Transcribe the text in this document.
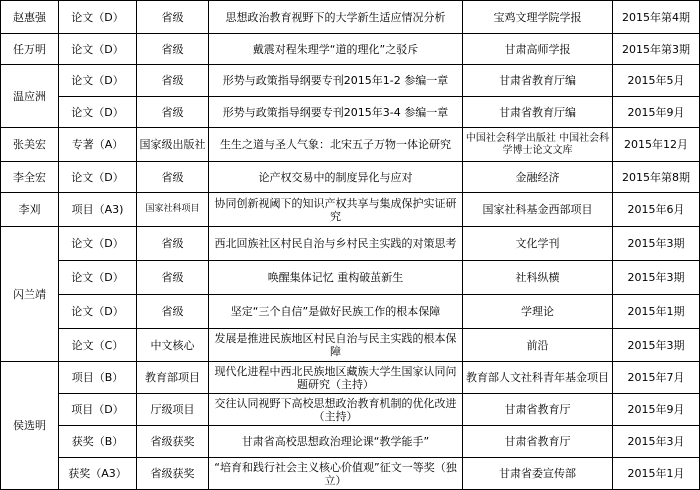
赵惠强	论文（D）	省级	思想政治教育视野下的大学新生适应情况分析	宝鸡文理学院学报	2015年第4期
任万明	论文（D）	省级	戴震对程朱理学“道的理化”之驳斥	甘肃高师学报	2015年第3期
温应洲	论文（D）	省级	形势与政策指导纲要专刊2015年1-2 参编一章	甘肃省教育厅编	2015年5月
	论文（D）	省级	形势与政策指导纲要专刊2015年3-4 参编一章	甘肃省教育厅编	2015年9月
张美宏	专著（A）	国家级出版社	生生之道与圣人气象：北宋五子万物一体论研究	中国社会科学出版社 中国社会科学博士论文文库	2015年12月
李全宏	论文（D）	省级	论产权交易中的制度异化与应对	金融经济	2015年第8期
李刈	项目（A3)	国家社科项目	协同创新视阈下的知识产权共享与集成保护实证研究	国家社科基金西部项目	2015年6月
闪兰靖	论文（D）	省级	西北回族社区村民自治与乡村民主实践的对策思考	文化学刊	2015年3期
	论文（D）	省级	唤醒集体记忆 重构破茧新生	社科纵横	2015年3期
	论文（D）	省级	坚定“三个自信”是做好民族工作的根本保障	学理论	2015年1期
	论文（C）	中文核心	发展是推进民族地区村民自治与民主实践的根本保障	前沿	2015年3期
侯选明	项目（B）	教育部项目	现代化进程中西北民族地区藏族大学生国家认同问题研究（主持）	教育部人文社科青年基金项目	2015年7月
	项目（D）	厅级项目	交往认同视野下高校思想政治教育机制的优化改进（主持）	甘肃省教育厅	2015年9月
	获奖（B）	省级获奖	甘肃省高校思想政治理论课“教学能手”	甘肃省教育厅	2015年3月
	获奖（A3）	省级获奖	“培育和践行社会主义核心价值观”征文一等奖（独立）	甘肃省委宣传部	2015年1月
